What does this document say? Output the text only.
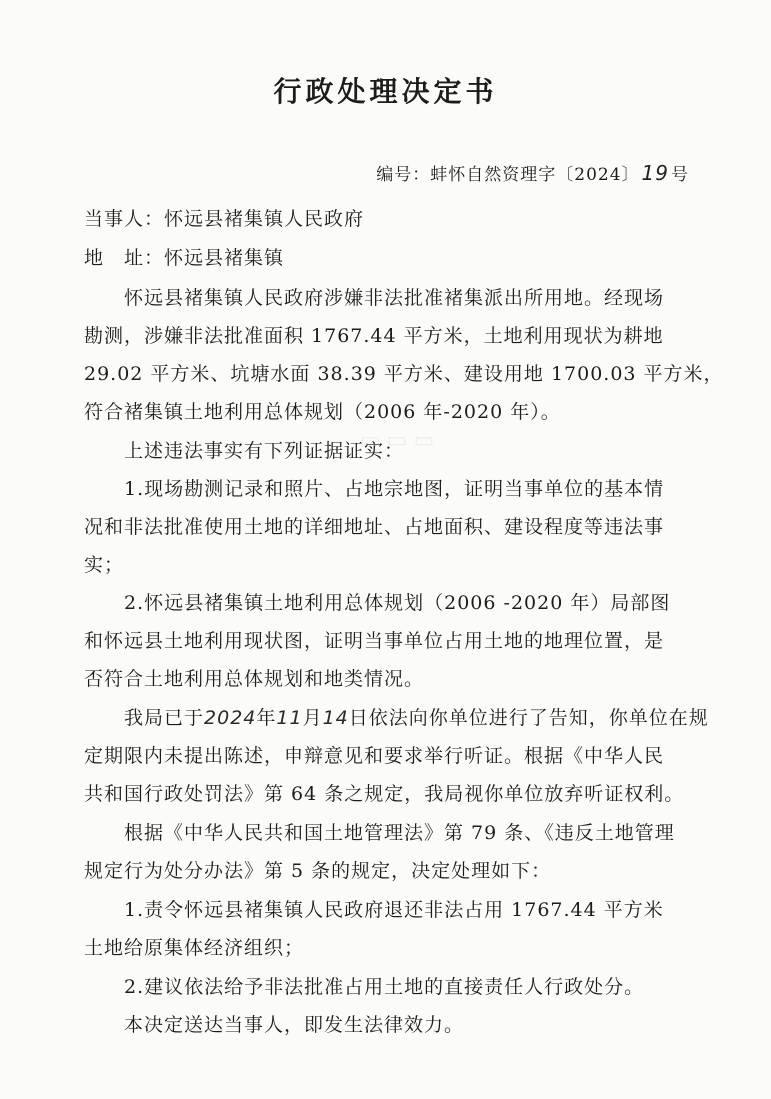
▭▭▭
行政处理决定书
编号：蚌怀自然资理字〔2024〕 19 号
当事人：怀远县褚集镇人民政府
地　址：怀远县褚集镇
怀远县褚集镇人民政府涉嫌非法批准褚集派出所用地。经现场
勘测，涉嫌非法批准面积 1767.44 平方米，土地利用现状为耕地
29.02 平方米、坑塘水面 38.39 平方米、建设用地 1700.03 平方米，
符合褚集镇土地利用总体规划（2006 年-2020 年）。
上述违法事实有下列证据证实：
1.现场勘测记录和照片、占地宗地图，证明当事单位的基本情
况和非法批准使用土地的详细地址、占地面积、建设程度等违法事
实；
2.怀远县褚集镇土地利用总体规划（2006 -2020 年）局部图
和怀远县土地利用现状图，证明当事单位占用土地的地理位置，是
否符合土地利用总体规划和地类情况。
我局已于2024年11月14日依法向你单位进行了告知，你单位在规
定期限内未提出陈述，申辩意见和要求举行听证。根据《中华人民
共和国行政处罚法》第 64 条之规定，我局视你单位放弃听证权利。
根据《中华人民共和国土地管理法》第 79 条、《违反土地管理
规定行为处分办法》第 5 条的规定，决定处理如下：
1.责令怀远县褚集镇人民政府退还非法占用 1767.44 平方米
土地给原集体经济组织；
2.建议依法给予非法批准占用土地的直接责任人行政处分。
本决定送达当事人，即发生法律效力。
